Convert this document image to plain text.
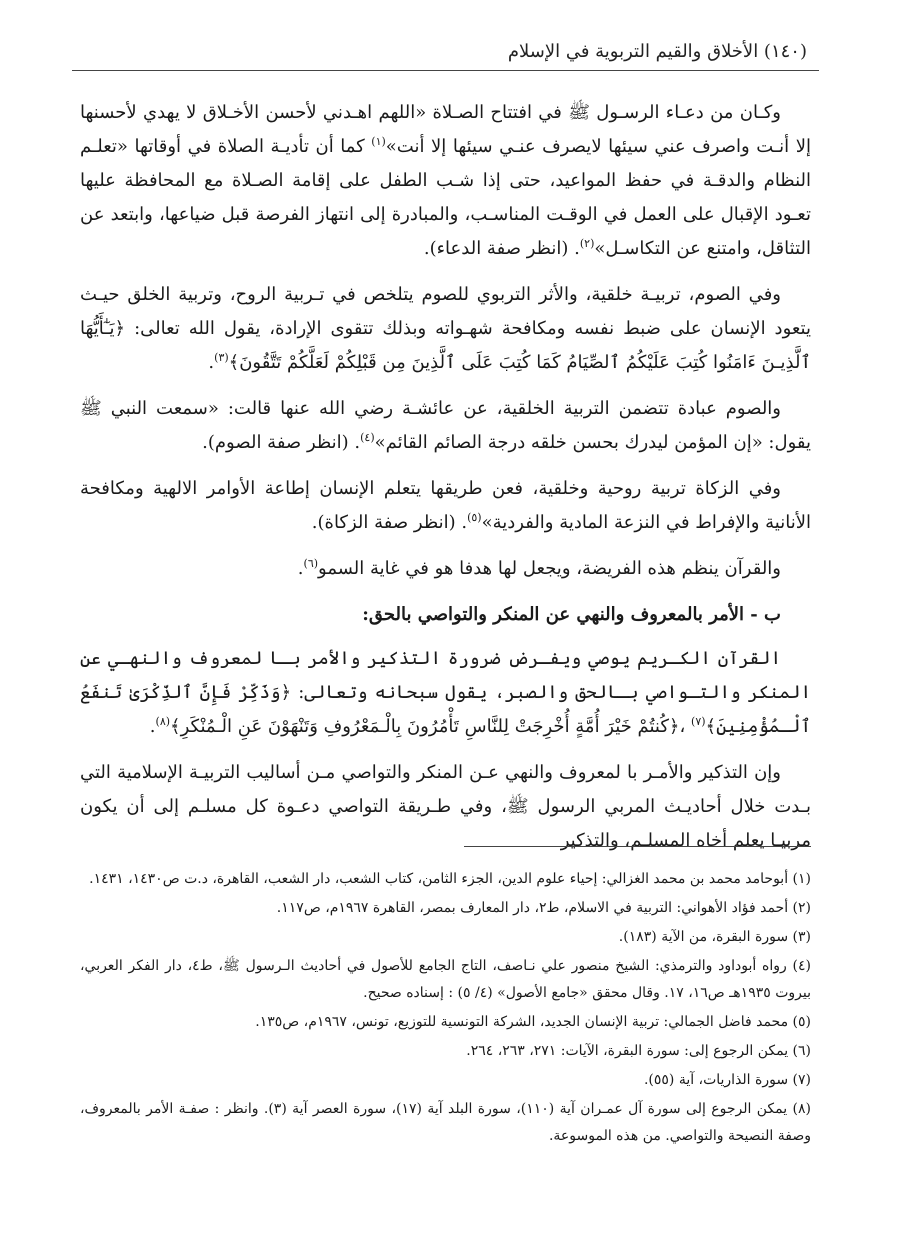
(١٤٠) الأخلاق والقيم التربوية في الإسلام

وكـان من دعـاء الرسـول ﷺ في افتتاح الصـلاة «اللهم اهـدني لأحسن الأخـلاق لا يهدي لأحسنها إلا أنـت واصرف عني سيئها لايصرف عنـي سيئها إلا أنت»$^{(١)}$ كما أن تأديـة الصلاة في أوقاتها «تعلـم النظام والدقـة في حفظ المواعيد، حتى إذا شـب الطفل على إقامة الصـلاة مع المحافظة عليها تعـود الإقبال على العمل في الوقـت المناسـب، والمبادرة إلى انتهاز الفرصة قبل ضياعها، وابتعد عن التثاقل، وامتنع عن التكاسـل»$^{(٢)}$. (انظر صفة الدعاء).

وفي الصوم، تربيـة خلقية، والأثر التربوي للصوم يتلخص في تـربية الروح، وتربية الخلق حيـث يتعود الإنسان على ضبط نفسه ومكافحة شهـواته وبذلك تتقوى الإرادة، يقول الله تعالى: ﴿يَـٰٓأَيُّهَا ٱلَّذِيـنَ ءَامَنُوا كُتِبَ عَلَيْكُمُ ٱلصِّيَامُ كَمَا كُتِبَ عَلَى ٱلَّذِينَ مِن قَبْلِكُمْ لَعَلَّكُمْ تَتَّقُونَ﴾$^{(٣)}$.

والصوم عبادة تتضمن التربية الخلقية، عن عائشـة رضي الله عنها قالت: «سمعت النبي ﷺ يقول: «إن المؤمن ليدرك بحسن خلقه درجة الصائم القائم»$^{(٤)}$. (انظر صفة الصوم).

وفي الزكاة تربية روحية وخلقية، فعن طريقها يتعلم الإنسان إطاعة الأوامر الالهية ومكافحة الأنانية والإفراط في النزعة المادية والفردية»$^{(٥)}$. (انظر صفة الزكاة).

والقرآن ينظم هذه الفريضة، ويجعل لها هدفا هو في غاية السمو$^{(٦)}$.

ب - الأمر بالمعروف والنهي عن المنكر والتواصي بالحق:

القرآن الكـريم يوصي ويفـرض ضرورة التذكير والأمر بـا لمعروف والنهـي عن المنكر والتـواصي بـالحق والصبر، يقول سبحانه وتعالى: ﴿وَذَكِّرْ فَإِنَّ ٱلذِّكْرَىٰ تَنفَعُ ٱلْـمُؤْمِنِينَ﴾$^{(٧)}$ ،﴿كُنتُمْ خَيْرَ أُمَّةٍ أُخْرِجَتْ لِلنَّاسِ تَأْمُرُونَ بِالْـمَعْرُوفِ وَتَنْهَوْنَ عَنِ الْـمُنْكَرِ﴾$^{(٨)}$.

وإن التذكير والأمـر با لمعروف والنهي عـن المنكر والتواصي مـن أساليب التربيـة الإسلامية التي بـدت خلال أحاديـث المربي الرسول ﷺ، وفي طـريقة التواصي دعـوة كل مسلـم إلى أن يكون مربيـا يعلم أخاه المسلـم، والتذكير

(١) أبوحامد محمد بن محمد الغزالي: إحياء علوم الدين، الجزء الثامن، كتاب الشعب، دار الشعب، القاهرة، د.ت ص١٤٣٠، ١٤٣١.

(٢) أحمد فؤاد الأهواني: التربية في الاسلام، ط٢، دار المعارف بمصر، القاهرة ١٩٦٧م، ص١١٧.

(٣) سورة البقرة، من الآية (١٨٣).

(٤) رواه أبوداود والترمذي: الشيخ منصور علي نـاصف، التاج الجامع للأصول في أحاديث الـرسول ﷺ، ط٤، دار الفكر العربي، بيروت ١٩٣٥هـ ص١٦، ١٧. وقال محقق «جامع الأصول» (٤/ ٥) : إسناده صحيح.

(٥) محمد فاضل الجمالي: تربية الإنسان الجديد، الشركة التونسية للتوزيع، تونس، ١٩٦٧م، ص١٣٥.

(٦) يمكن الرجوع إلى: سورة البقرة، الآيات: ٢٧١، ٢٦٣، ٢٦٤.

(٧) سورة الذاريات، آية (٥٥).

(٨) يمكن الرجوع إلى سورة آل عمـران آية (١١٠)، سورة البلد آية (١٧)، سورة العصر آية (٣). وانظر : صفـة الأمر بالمعروف، وصفة النصيحة والتواصي. من هذه الموسوعة.
